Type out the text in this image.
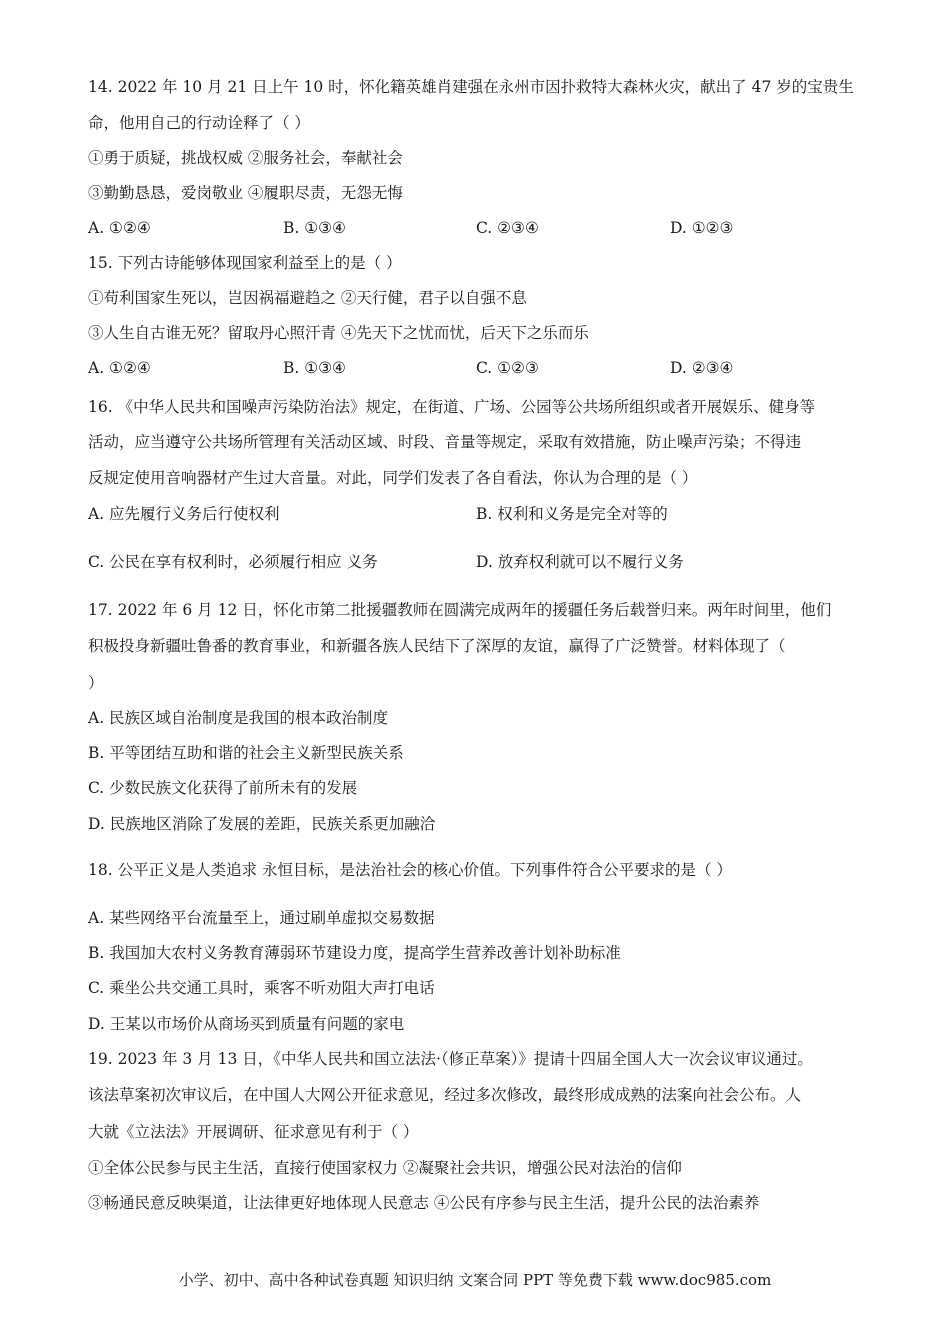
14. 2022 年 10 月 21 日上午 10 时，怀化籍英雄肖建强在永州市因扑救特大森林火灾，献出了 47 岁的宝贵生
命，他用自己的行动诠释了（ ）
①勇于质疑，挑战权威 ②服务社会，奉献社会
③勤勤恳恳，爱岗敬业 ④履职尽责，无怨无悔
A. ①②④	B. ①③④	C. ②③④	D. ①②③
15. 下列古诗能够体现国家利益至上的是（ ）
①苟利国家生死以，岂因祸福避趋之 ②天行健，君子以自强不息
③人生自古谁无死？留取丹心照汗青 ④先天下之忧而忧，后天下之乐而乐
A. ①②④	B. ①③④	C. ①②③	D. ②③④
16. 《中华人民共和国噪声污染防治法》规定，在街道、广场、公园等公共场所组织或者开展娱乐、健身等
活动，应当遵守公共场所管理有关活动区域、时段、音量等规定，采取有效措施，防止噪声污染；不得违
反规定使用音响器材产生过大音量。对此，同学们发表了各自看法，你认为合理的是（ ）
A. 应先履行义务后行使权利	B. 权利和义务是完全对等的
C. 公民在享有权利时，必须履行相应 义务	D. 放弃权利就可以不履行义务
17. 2022 年 6 月 12 日，怀化市第二批援疆教师在圆满完成两年的援疆任务后载誉归来。两年时间里，他们
积极投身新疆吐鲁番的教育事业，和新疆各族人民结下了深厚的友谊，赢得了广泛赞誉。材料体现了（
）
A. 民族区域自治制度是我国的根本政治制度
B. 平等团结互助和谐的社会主义新型民族关系
C. 少数民族文化获得了前所未有的发展
D. 民族地区消除了发展的差距，民族关系更加融洽
18. 公平正义是人类追求 永恒目标，是法治社会的核心价值。下列事件符合公平要求的是（ ）
A. 某些网络平台流量至上，通过刷单虚拟交易数据
B. 我国加大农村义务教育薄弱环节建设力度，提高学生营养改善计划补助标准
C. 乘坐公共交通工具时，乘客不听劝阻大声打电话
D. 王某以市场价从商场买到质量有问题的家电
19. 2023 年 3 月 13 日，《中华人民共和国立法法·（修正草案）》提请十四届全国人大一次会议审议通过。
该法草案初次审议后，在中国人大网公开征求意见，经过多次修改，最终形成成熟的法案向社会公布。人
大就《立法法》开展调研、征求意见有利于（ ）
①全体公民参与民主生活，直接行使国家权力 ②凝聚社会共识，增强公民对法治的信仰
③畅通民意反映渠道，让法律更好地体现人民意志 ④公民有序参与民主生活，提升公民的法治素养
小学、初中、高中各种试卷真题 知识归纳 文案合同 PPT 等免费下载 www.doc985.com
